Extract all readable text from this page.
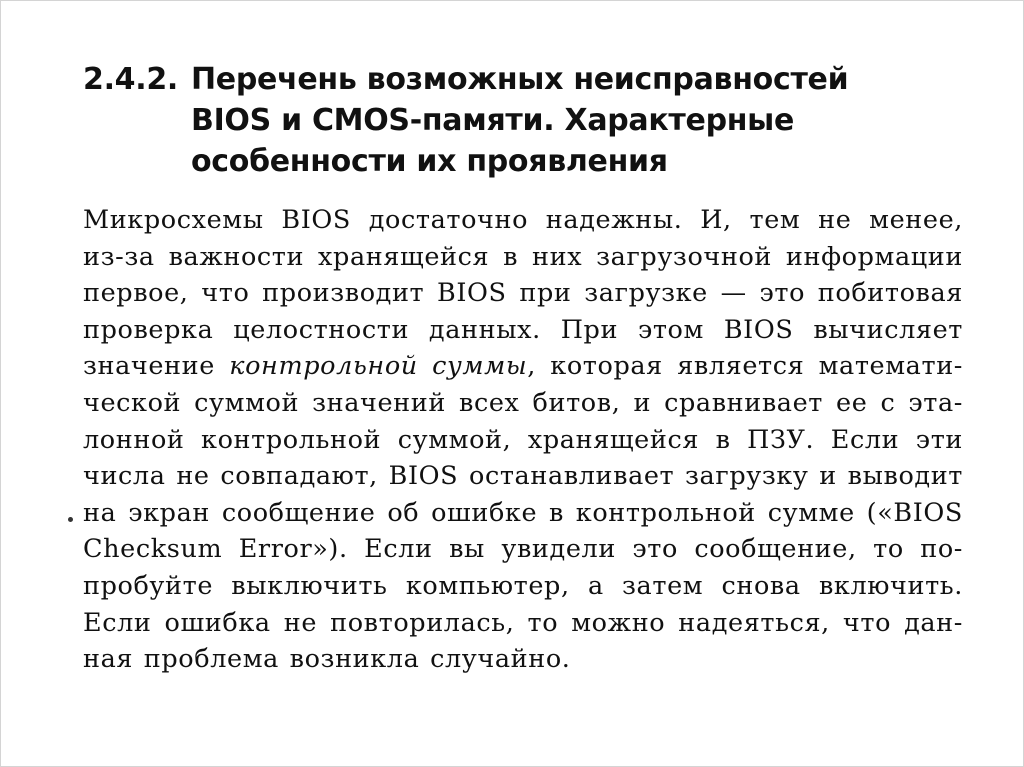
2.4.2. Перечень возможных неисправностей
BIOS и CMOS-памяти. Характерные
особенности их проявления
Микросхемы BIOS достаточно надежны. И, тем не менее,
из-за важности хранящейся в них загрузочной информации
первое, что производит BIOS при загрузке — это побитовая
проверка целостности данных. При этом BIOS вычисляет
значение контрольной суммы, которая является математи-
ческой суммой значений всех битов, и сравнивает ее с эта-
лонной контрольной суммой, хранящейся в ПЗУ. Если эти
числа не совпадают, BIOS останавливает загрузку и выводит
на экран сообщение об ошибке в контрольной сумме («BIOS
Checksum Error»). Если вы увидели это сообщение, то по-
пробуйте выключить компьютер, а затем снова включить.
Если ошибка не повторилась, то можно надеяться, что дан-
ная проблема возникла случайно.
